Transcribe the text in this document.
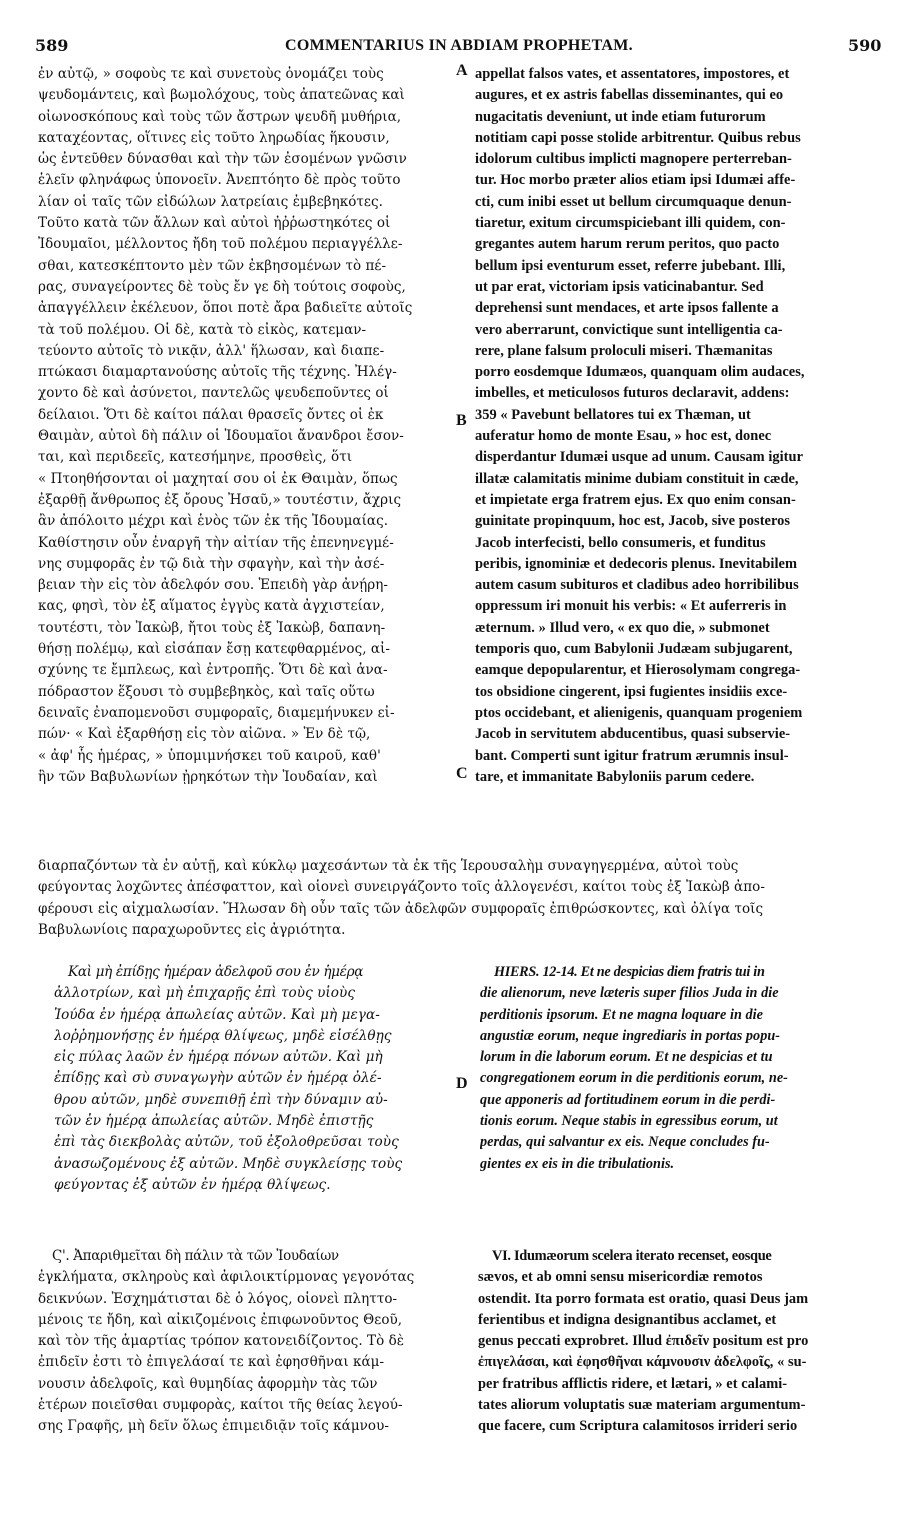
589	COMMENTARIUS IN ABDIAM PROPHETAM.	590
A
B
C
D
ἐν αὐτῷ, » σοφοὺς τε καὶ συνετοὺς ὀνομάζει τοὺς
ψευδομάντεις, καὶ βωμολόχους, τοὺς ἀπατεῶνας καὶ
οἰωνοσκόπους καὶ τοὺς τῶν ἄστρων ψευδῆ μυθήρια,
καταχέοντας, οἵτινες εἰς τοῦτο ληρωδίας ἥκουσιν,
ὡς ἐντεῦθεν δύνασθαι καὶ τὴν τῶν ἐσομένων γνῶσιν
ἑλεῖν φληνάφως ὑπονοεῖν. Ἀνεπτόητο δὲ πρὸς τοῦτο
λίαν οἱ ταῖς τῶν εἰδώλων λατρείαις ἐμβεβηκότες.
Τοῦτο κατὰ τῶν ἄλλων καὶ αὐτοὶ ἠῤῥωστηκότες οἱ
Ἰδουμαῖοι, μέλλοντος ἤδη τοῦ πολέμου περιαγγέλλε-
σθαι, κατεσκέπτοντο μὲν τῶν ἐκβησομένων τὸ πέ-
ρας, συναγείροντες δὲ τοὺς ἔν γε δὴ τούτοις σοφοὺς,
ἀπαγγέλλειν ἐκέλευον, ὅποι ποτὲ ἄρα βαδιεῖτε αὐτοῖς
τὰ τοῦ πολέμου. Οἱ δὲ, κατὰ τὸ εἰκὸς, κατεμαν-
τεύοντο αὐτοῖς τὸ νικᾷν, ἀλλ' ἥλωσαν, καὶ διαπε-
πτώκασι διαμαρτανούσης αὐτοῖς τῆς τέχνης. Ἠλέγ-
χοντο δὲ καὶ ἀσύνετοι, παντελῶς ψευδεποῦντες οἱ
δείλαιοι. Ὅτι δὲ καίτοι πάλαι θρασεῖς ὄντες οἱ ἐκ
Θαιμὰν, αὐτοὶ δὴ πάλιν οἱ Ἰδουμαῖοι ἄνανδροι ἔσον-
ται, καὶ περιδεεῖς, κατεσήμηνε, προσθεὶς, ὅτι
« Πτοηθήσονται οἱ μαχηταί σου οἱ ἐκ Θαιμὰν, ὅπως
ἐξαρθῇ ἄνθρωπος ἐξ ὄρους Ἠσαῦ,» τουτέστιν, ἄχρις
ἂν ἀπόλοιτο μέχρι καὶ ἑνὸς τῶν ἐκ τῆς Ἰδουμαίας.
Καθίστησιν οὖν ἐναργῆ τὴν αἰτίαν τῆς ἐπενηνεγμέ-
νης συμφορᾶς ἐν τῷ διὰ τὴν σφαγὴν, καὶ τὴν ἀσέ-
βειαν τὴν εἰς τὸν ἀδελφόν σου. Ἐπειδὴ γὰρ ἀνῄρη-
κας, φησὶ, τὸν ἐξ αἵματος ἐγγὺς κατὰ ἀγχιστείαν,
τουτέστι, τὸν Ἰακὼβ, ἤτοι τοὺς ἐξ Ἰακὼβ, δαπανη-
θήσῃ πολέμῳ, καὶ εἰσάπαν ἔσῃ κατεφθαρμένος, αἰ-
σχύνης τε ἔμπλεως, καὶ ἐντροπῆς. Ὅτι δὲ καὶ ἀνα-
πόδραστον ἕξουσι τὸ συμβεβηκὸς, καὶ ταῖς οὕτω
δειναῖς ἐναπομενοῦσι συμφοραῖς, διαμεμήνυκεν εἰ-
πών· « Καὶ ἐξαρθήσῃ εἰς τὸν αἰῶνα. » Ἐν δὲ τῷ,
« ἀφ' ἧς ἡμέρας, » ὑπομιμνήσκει τοῦ καιροῦ, καθ'
ἣν τῶν Βαβυλωνίων ᾐρηκότων τὴν Ἰουδαίαν, καὶ
appellat falsos vates, et assentatores, impostores, et
augures, et ex astris fabellas disseminantes, qui eo
nugacitatis deveniunt, ut inde etiam futurorum
notitiam capi posse stolide arbitrentur. Quibus rebus
idolorum cultibus implicti magnopere perterreban-
tur. Hoc morbo præter alios etiam ipsi Idumæi affe-
cti, cum inibi esset ut bellum circumquaque denun-
tiaretur, exitum circumspiciebant illi quidem, con-
gregantes autem harum rerum peritos, quo pacto
bellum ipsi eventurum esset, referre jubebant. Illi,
ut par erat, victoriam ipsis vaticinabantur. Sed
deprehensi sunt mendaces, et arte ipsos fallente a
vero aberrarunt, convictique sunt intelligentia ca-
rere, plane falsum proloculi miseri. Thæmanitas
porro eosdemque Idumæos, quanquam olim audaces,
imbelles, et meticulosos futuros declaravit, addens:
359 « Pavebunt bellatores tui ex Thæman, ut
auferatur homo de monte Esau, » hoc est, donec
disperdantur Idumæi usque ad unum. Causam igitur
illatæ calamitatis minime dubiam constituit in cæde,
et impietate erga fratrem ejus. Ex quo enim consan-
guinitate propinquum, hoc est, Jacob, sive posteros
Jacob interfecisti, bello consumeris, et funditus
peribis, ignominiæ et dedecoris plenus. Inevitabilem
autem casum subituros et cladibus adeo horribilibus
oppressum iri monuit his verbis: « Et auferreris in
æternum. » Illud vero, « ex quo die, » submonet
temporis quo, cum Babylonii Judæam subjugarent,
eamque depopularentur, et Hierosolymam congrega-
tos obsidione cingerent, ipsi fugientes insidiis exce-
ptos occidebant, et alienigenis, quanquam progeniem
Jacob in servitutem abducentibus, quasi subservie-
bant. Comperti sunt igitur fratrum ærumnis insul-
tare, et immanitate Babyloniis parum cedere.
διαρπαζόντων τὰ ἐν αὐτῇ, καὶ κύκλῳ μαχεσάντων τὰ ἐκ τῆς Ἱερουσαλὴμ συναγηγερμένα, αὐτοὶ τοὺς
φεύγοντας λοχῶντες ἀπέσφαττον, καὶ οἱονεὶ συνειργάζοντο τοῖς ἀλλογενέσι, καίτοι τοὺς ἐξ Ἰακὼβ ἀπο-
φέρουσι εἰς αἰχμαλωσίαν. Ἥλωσαν δὴ οὖν ταῖς τῶν ἀδελφῶν συμφοραῖς ἐπιθρώσκοντες, καὶ ὀλίγα τοῖς
Βαβυλωνίοις παραχωροῦντες εἰς ἀγριότητα.
Καὶ μὴ ἐπίδῃς ἡμέραν ἀδελφοῦ σου ἐν ἡμέρᾳ
ἀλλοτρίων, καὶ μὴ ἐπιχαρῇς ἐπὶ τοὺς υἱοὺς
Ἰούδα ἐν ἡμέρᾳ ἀπωλείας αὐτῶν. Καὶ μὴ μεγα-
λοῤῥημονήσῃς ἐν ἡμέρᾳ θλίψεως, μηδὲ εἰσέλθῃς
εἰς πύλας λαῶν ἐν ἡμέρᾳ πόνων αὐτῶν. Καὶ μὴ
ἐπίδῃς καὶ σὺ συναγωγὴν αὐτῶν ἐν ἡμέρᾳ ὀλέ-
θρου αὐτῶν, μηδὲ συνεπιθῇ ἐπὶ τὴν δύναμιν αὐ-
τῶν ἐν ἡμέρᾳ ἀπωλείας αὐτῶν. Μηδὲ ἐπιστῇς
ἐπὶ τὰς διεκβολὰς αὐτῶν, τοῦ ἐξολοθρεῦσαι τοὺς
ἀνασωζομένους ἐξ αὐτῶν. Μηδὲ συγκλείσῃς τοὺς
φεύγοντας ἐξ αὐτῶν ἐν ἡμέρᾳ θλίψεως.
HIERS. 12-14. Et ne despicias diem fratris tui in
die alienorum, neve læteris super filios Juda in die
perditionis ipsorum. Et ne magna loquare in die
angustiæ eorum, neque ingrediaris in portas popu-
lorum in die laborum eorum. Et ne despicias et tu
congregationem eorum in die perditionis eorum, ne-
que apponeris ad fortitudinem eorum in die perdi-
tionis eorum. Neque stabis in egressibus eorum, ut
perdas, qui salvantur ex eis. Neque concludes fu-
gientes ex eis in die tribulationis.
Ϛ'. Ἀπαριθμεῖται δὴ πάλιν τὰ τῶν Ἰουδαίων
ἐγκλήματα, σκληροὺς καὶ ἀφιλοικτίρμονας γεγονότας
δεικνύων. Ἐσχημάτισται δὲ ὁ λόγος, οἱονεὶ πληττο-
μένοις τε ἤδη, καὶ αἰκιζομένοις ἐπιφωνοῦντος Θεοῦ,
καὶ τὸν τῆς ἁμαρτίας τρόπον κατονειδίζοντος. Τὸ δὲ
ἐπιδεῖν ἐστι τὸ ἐπιγελάσαί τε καὶ ἐφησθῆναι κάμ-
νουσιν ἀδελφοῖς, καὶ θυμηδίας ἀφορμὴν τὰς τῶν
ἑτέρων ποιεῖσθαι συμφορὰς, καίτοι τῆς θείας λεγού-
σης Γραφῆς, μὴ δεῖν ὅλως ἐπιμειδιᾷν τοῖς κάμνου-
VI. Idumæorum scelera iterato recenset, eosque
sævos, et ab omni sensu misericordiæ remotos
ostendit. Ita porro formata est oratio, quasi Deus jam
ferientibus et indigna designantibus acclamet, et
genus peccati exprobret. Illud ἐπιδεῖν positum est pro
ἐπιγελάσαι, καὶ ἐφησθῆναι κάμνουσιν ἀδελφοῖς, « su-
per fratribus afflictis ridere, et lætari, » et calami-
tates aliorum voluptatis suæ materiam argumentum-
que facere, cum Scriptura calamitosos irrideri serio
